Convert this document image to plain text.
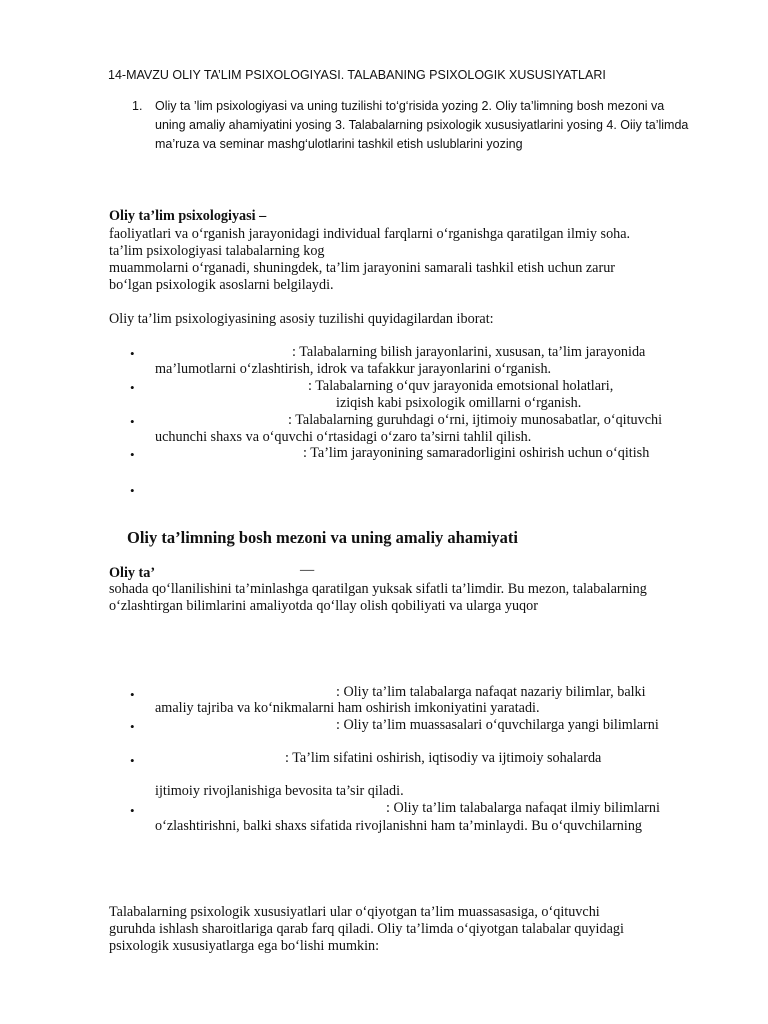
14-MAVZU OLIY TA’LIM PSIXOLOGIYASI. TALABANING PSIXOLOGIK XUSUSIYATLARI
1. Oliy ta ’lim psixologiyasi va uning tuzilishi to‘g‘risida yozing 2. Oliy ta’limning bosh mezoni va
uning amaliy ahamiyatini yosing 3. Talabalarning psixologik xususiyatlarini yosing 4. Oiiy ta’limda
ma’ruza va seminar mashg‘ulotlarini tashkil etish uslublarini yozing
Oliy ta’lim psixologiyasi –
faoliyatlari va o‘rganish jarayonidagi individual farqlarni o‘rganishga qaratilgan ilmiy soha.
ta’lim psixologiyasi talabalarning kog
muammolarni o‘rganadi, shuningdek, ta’lim jarayonini samarali tashkil etish uchun zarur
bo‘lgan psixologik asoslarni belgilaydi.
Oliy ta’lim psixologiyasining asosiy tuzilishi quyidagilardan iborat:
•	: Talabalarning bilish jarayonlarini, xususan, ta’lim jarayonida
ma’lumotlarni o‘zlashtirish, idrok va tafakkur jarayonlarini o‘rganish.
•	: Talabalarning o‘quv jarayonida emotsional holatlari,
iziqish kabi psixologik omillarni o‘rganish.
•	: Talabalarning guruhdagi o‘rni, ijtimoiy munosabatlar, o‘qituvchi
uchunchi shaxs va o‘quvchi o‘rtasidagi o‘zaro ta’sirni tahlil qilish.
•	: Ta’lim jarayonining samaradorligini oshirish uchun o‘qitish
•
Oliy ta’limning bosh mezoni va uning amaliy ahamiyati
Oliy ta’	—
sohada qo‘llanilishini ta’minlashga qaratilgan yuksak sifatli ta’limdir. Bu mezon, talabalarning
o‘zlashtirgan bilimlarini amaliyotda qo‘llay olish qobiliyati va ularga yuqor
•	: Oliy ta’lim talabalarga nafaqat nazariy bilimlar, balki
amaliy tajriba va ko‘nikmalarni ham oshirish imkoniyatini yaratadi.
•	: Oliy ta’lim muassasalari o‘quvchilarga yangi bilimlarni
•	: Ta’lim sifatini oshirish, iqtisodiy va ijtimoiy sohalarda
ijtimoiy rivojlanishiga bevosita ta’sir qiladi.
•	: Oliy ta’lim talabalarga nafaqat ilmiy bilimlarni
o‘zlashtirishni, balki shaxs sifatida rivojlanishni ham ta’minlaydi. Bu o‘quvchilarning
Talabalarning psixologik xususiyatlari ular o‘qiyotgan ta’lim muassasasiga, o‘qituvchi
guruhda ishlash sharoitlariga qarab farq qiladi. Oliy ta’limda o‘qiyotgan talabalar quyidagi
psixologik xususiyatlarga ega bo‘lishi mumkin:
